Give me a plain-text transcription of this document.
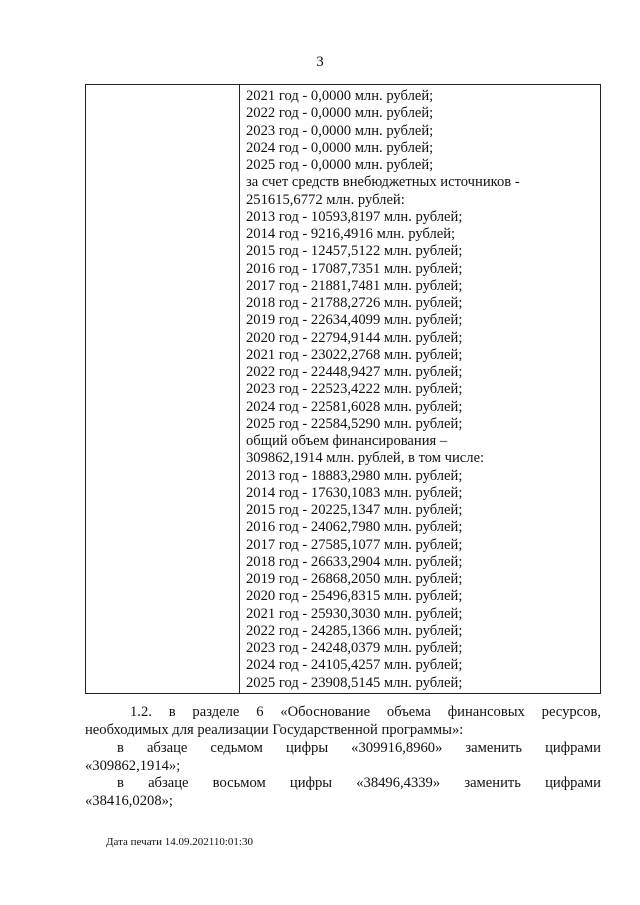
3
2021 год - 0,0000 млн. рублей;
2022 год - 0,0000 млн. рублей;
2023 год - 0,0000 млн. рублей;
2024 год - 0,0000 млн. рублей;
2025 год - 0,0000 млн. рублей;
за счет средств внебюджетных источников -
251615,6772 млн. рублей:
2013 год - 10593,8197 млн. рублей;
2014 год - 9216,4916 млн. рублей;
2015 год - 12457,5122 млн. рублей;
2016 год - 17087,7351 млн. рублей;
2017 год - 21881,7481 млн. рублей;
2018 год - 21788,2726 млн. рублей;
2019 год - 22634,4099 млн. рублей;
2020 год - 22794,9144 млн. рублей;
2021 год - 23022,2768 млн. рублей;
2022 год - 22448,9427 млн. рублей;
2023 год - 22523,4222 млн. рублей;
2024 год - 22581,6028 млн. рублей;
2025 год - 22584,5290 млн. рублей;
общий объем финансирования –
309862,1914 млн. рублей, в том числе:
2013 год - 18883,2980 млн. рублей;
2014 год - 17630,1083 млн. рублей;
2015 год - 20225,1347 млн. рублей;
2016 год - 24062,7980 млн. рублей;
2017 год - 27585,1077 млн. рублей;
2018 год - 26633,2904 млн. рублей;
2019 год - 26868,2050 млн. рублей;
2020 год - 25496,8315 млн. рублей;
2021 год - 25930,3030 млн. рублей;
2022 год - 24285,1366 млн. рублей;
2023 год - 24248,0379 млн. рублей;
2024 год - 24105,4257 млн. рублей;
2025 год - 23908,5145 млн. рублей;
1.2. в разделе 6 «Обоснование объема финансовых ресурсов,
необходимых для реализации Государственной программы»:
в абзаце седьмом цифры «309916,8960» заменить цифрами
«309862,1914»;
в абзаце восьмом цифры «38496,4339» заменить цифрами
«38416,0208»;
Дата печати 14.09.202110:01:30
